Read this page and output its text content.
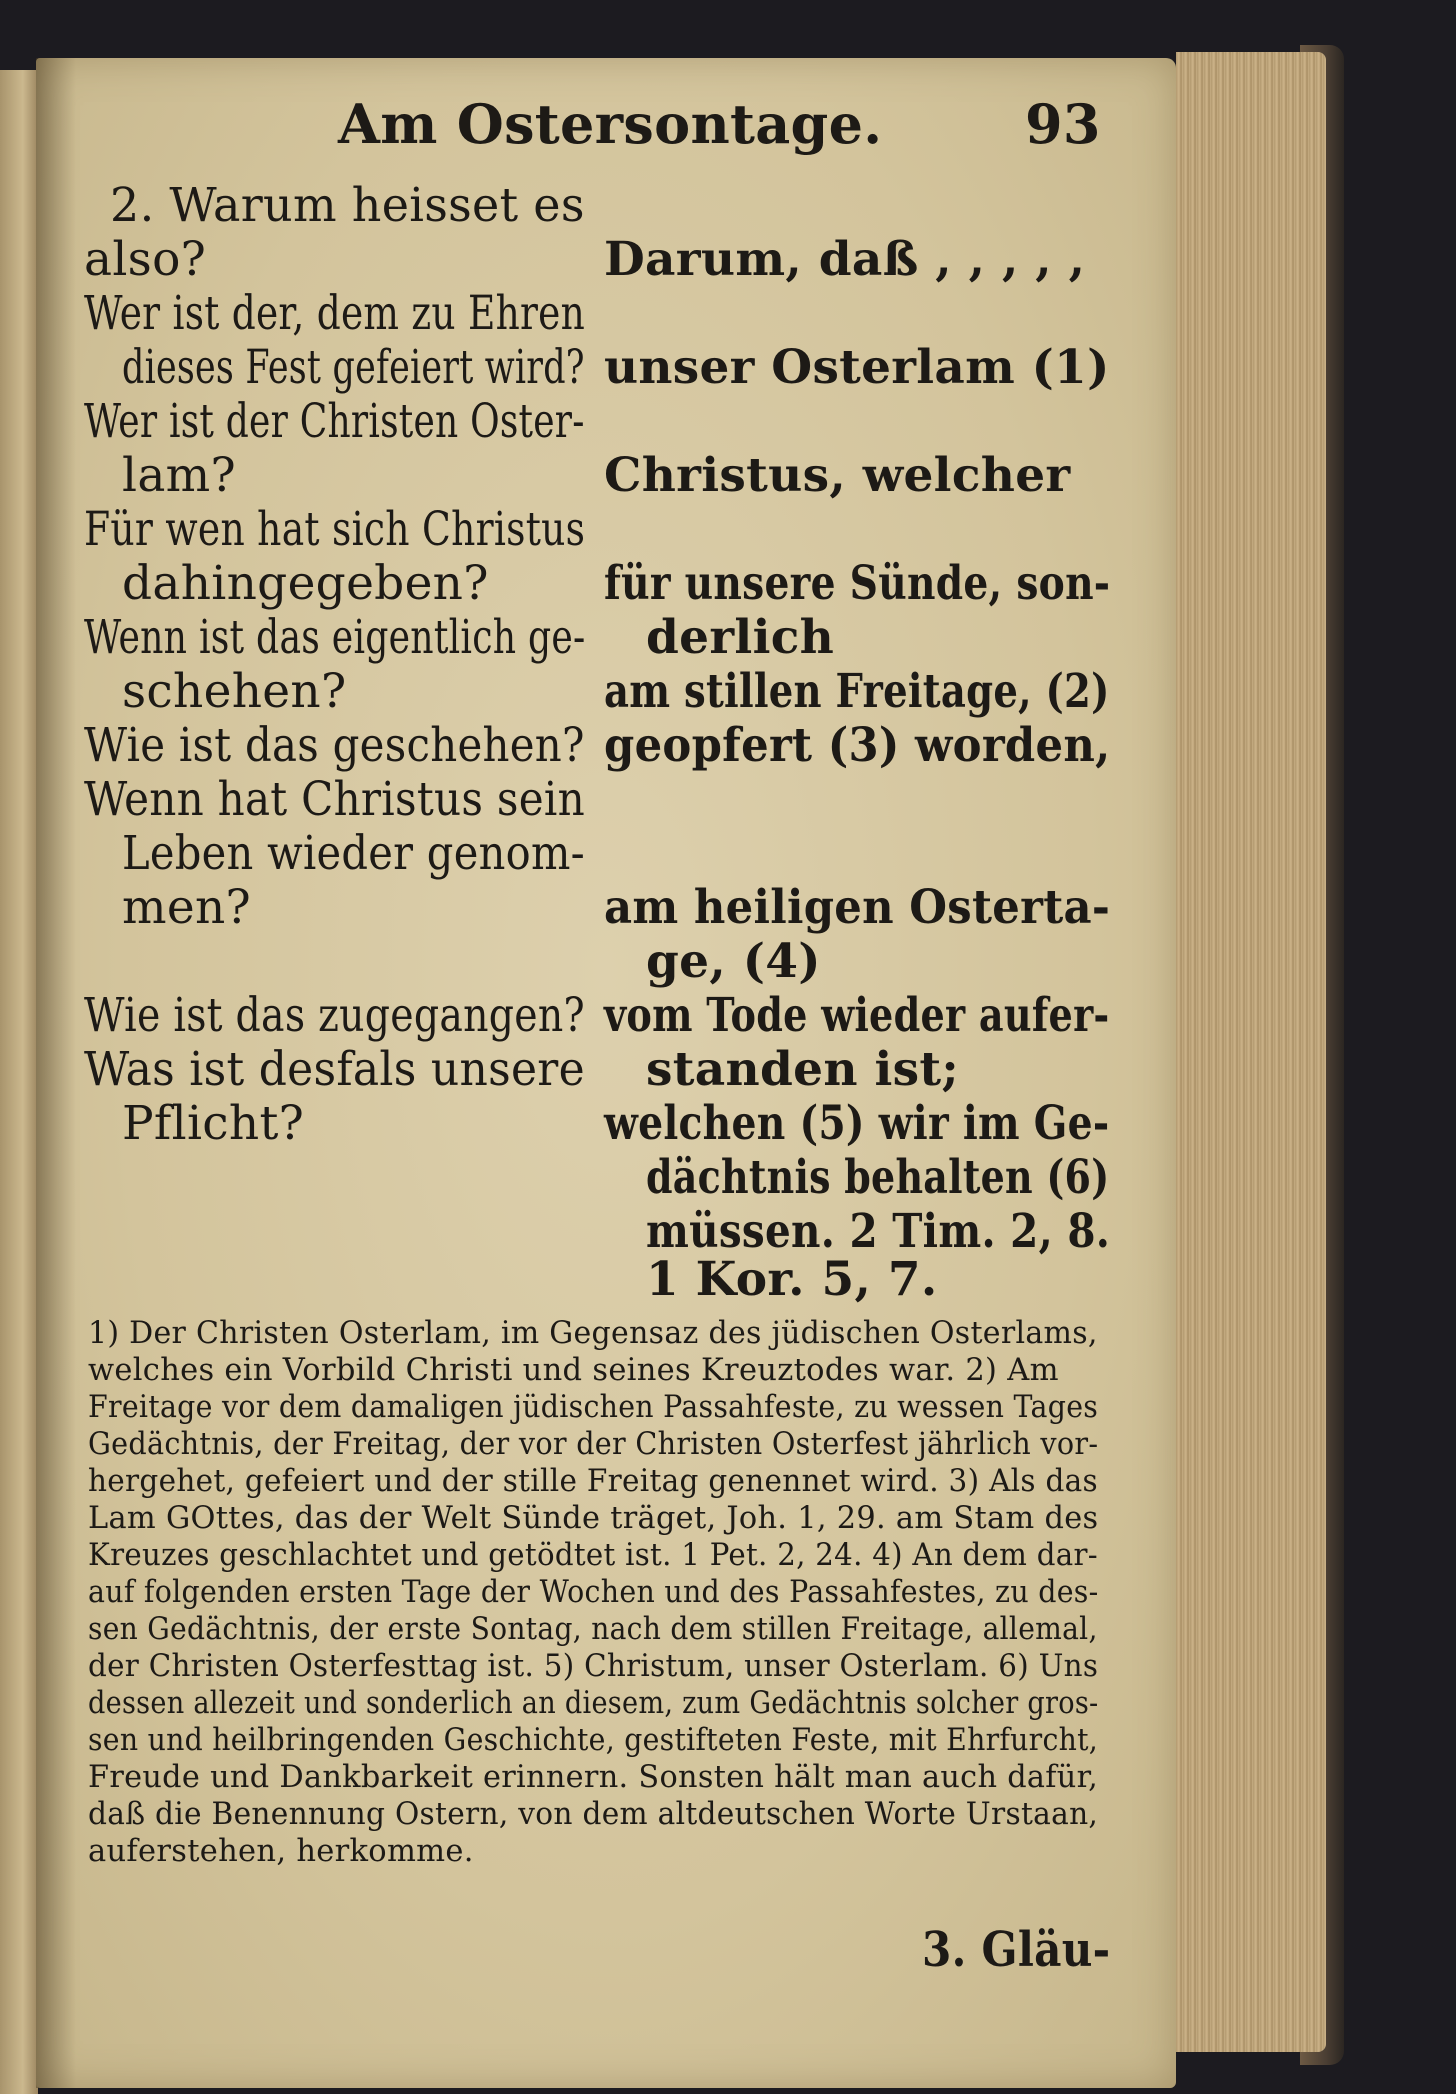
Am Ostersontage.	93
2. Warum heisset es
also?
Wer ist der, dem zu Ehren
dieses Fest gefeiert wird?
Wer ist der Christen Oster-
lam?
Für wen hat sich Christus
dahingegeben?
Wenn ist das eigentlich ge-
schehen?
Wie ist das geschehen?
Wenn hat Christus sein
Leben wieder genom-
men?
Wie ist das zugegangen?
Was ist desfals unsere
Pflicht?
Darum, daß , , , , ,
unser Osterlam (1)
Christus, welcher
für unsere Sünde, son-
derlich
am stillen Freitage, (2)
geopfert (3) worden,
am heiligen Osterta-
ge, (4)
vom Tode wieder aufer-
standen ist;
welchen (5) wir im Ge-
dächtnis behalten (6)
müssen. 2 Tim. 2, 8.
1 Kor. 5, 7.
1) Der Christen Osterlam, im Gegensaz des jüdischen Osterlams,
welches ein Vorbild Christi und seines Kreuztodes war. 2) Am
Freitage vor dem damaligen jüdischen Passahfeste, zu wessen Tages
Gedächtnis, der Freitag, der vor der Christen Osterfest jährlich vor-
hergehet, gefeiert und der stille Freitag genennet wird. 3) Als das
Lam GOttes, das der Welt Sünde träget, Joh. 1, 29. am Stam des
Kreuzes geschlachtet und getödtet ist. 1 Pet. 2, 24. 4) An dem dar-
auf folgenden ersten Tage der Wochen und des Passahfestes, zu des-
sen Gedächtnis, der erste Sontag, nach dem stillen Freitage, allemal,
der Christen Osterfesttag ist. 5) Christum, unser Osterlam. 6) Uns
dessen allezeit und sonderlich an diesem, zum Gedächtnis solcher gros-
sen und heilbringenden Geschichte, gestifteten Feste, mit Ehrfurcht,
Freude und Dankbarkeit erinnern. Sonsten hält man auch dafür,
daß die Benennung Ostern, von dem altdeutschen Worte Urstaan,
auferstehen, herkomme.
3. Gläu-
